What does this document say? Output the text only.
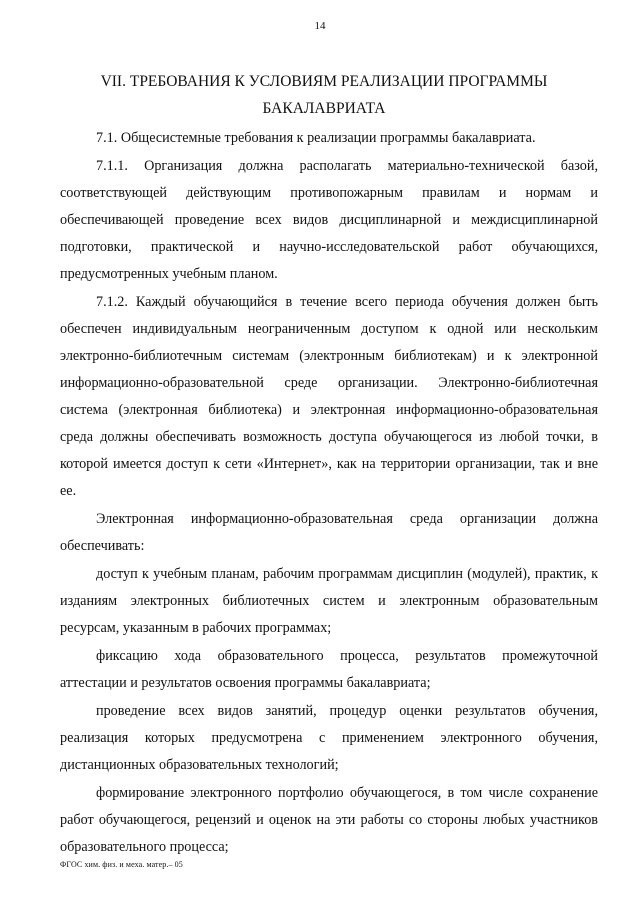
14
VII. ТРЕБОВАНИЯ К УСЛОВИЯМ РЕАЛИЗАЦИИ ПРОГРАММЫ
БАКАЛАВРИАТА

7.1. Общесистемные требования к реализации программы бакалавриата.

7.1.1. Организация должна располагать материально-технической базой, соответствующей действующим противопожарным правилам и нормам и обеспечивающей проведение всех видов дисциплинарной и междисциплинарной подготовки, практической и научно-исследовательской работ обучающихся, предусмотренных учебным планом.

7.1.2. Каждый обучающийся в течение всего периода обучения должен быть обеспечен индивидуальным неограниченным доступом к одной или нескольким электронно-библиотечным системам (электронным библиотекам) и к электронной информационно-образовательной среде организации. Электронно-библиотечная система (электронная библиотека) и электронная информационно-образовательная среда должны обеспечивать возможность доступа обучающегося из любой точки, в которой имеется доступ к сети «Интернет», как на территории организации, так и вне ее.

Электронная информационно-образовательная среда организации должна обеспечивать:

доступ к учебным планам, рабочим программам дисциплин (модулей), практик, к изданиям электронных библиотечных систем и электронным образовательным ресурсам, указанным в рабочих программах;

фиксацию хода образовательного процесса, результатов промежуточной аттестации и результатов освоения программы бакалавриата;

проведение всех видов занятий, процедур оценки результатов обучения, реализация которых предусмотрена с применением электронного обучения, дистанционных образовательных технологий;

формирование электронного портфолио обучающегося, в том числе сохранение работ обучающегося, рецензий и оценок на эти работы со стороны любых участников образовательного процесса;

ФГОС хим. физ. и меха. матер.– 05
